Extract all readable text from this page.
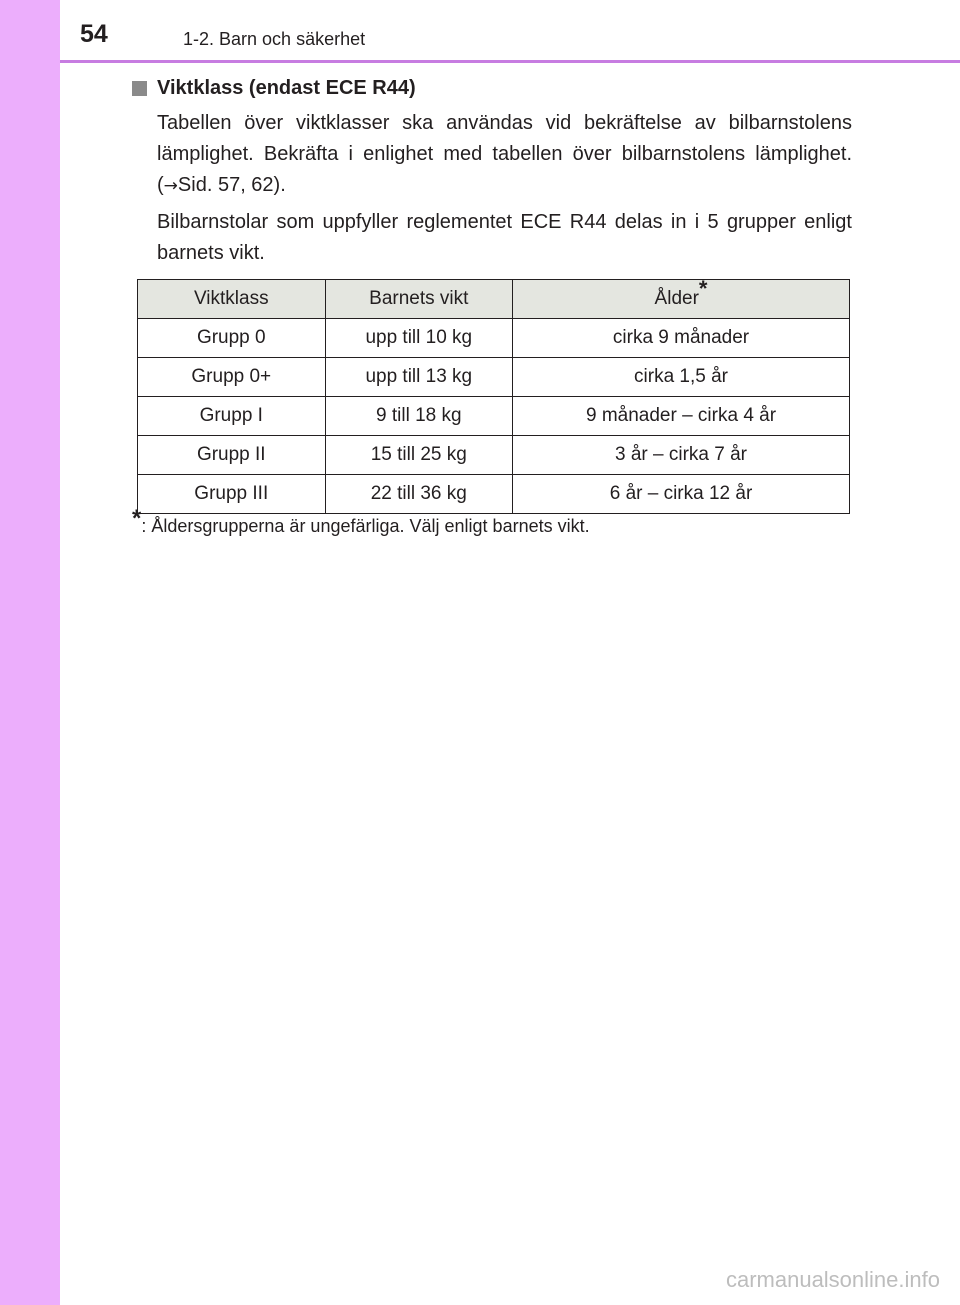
54	1-2. Barn och säkerhet
Viktklass (endast ECE R44)

Tabellen över viktklasser ska användas vid bekräftelse av bilbarnstolens lämplighet. Bekräfta i enlighet med tabellen över bilbarnstolens lämplighet. (→Sid. 57, 62).

Bilbarnstolar som uppfyller reglementet ECE R44 delas in i 5 grupper enligt barnets vikt.

Viktklass	Barnets vikt	Ålder*
Grupp 0	upp till 10 kg	cirka 9 månader
Grupp 0+	upp till 13 kg	cirka 1,5 år
Grupp I	9 till 18 kg	9 månader – cirka 4 år
Grupp II	15 till 25 kg	3 år – cirka 7 år
Grupp III	22 till 36 kg	6 år – cirka 12 år
*: Åldersgrupperna är ungefärliga. Välj enligt barnets vikt.
carmanualsonline.info
